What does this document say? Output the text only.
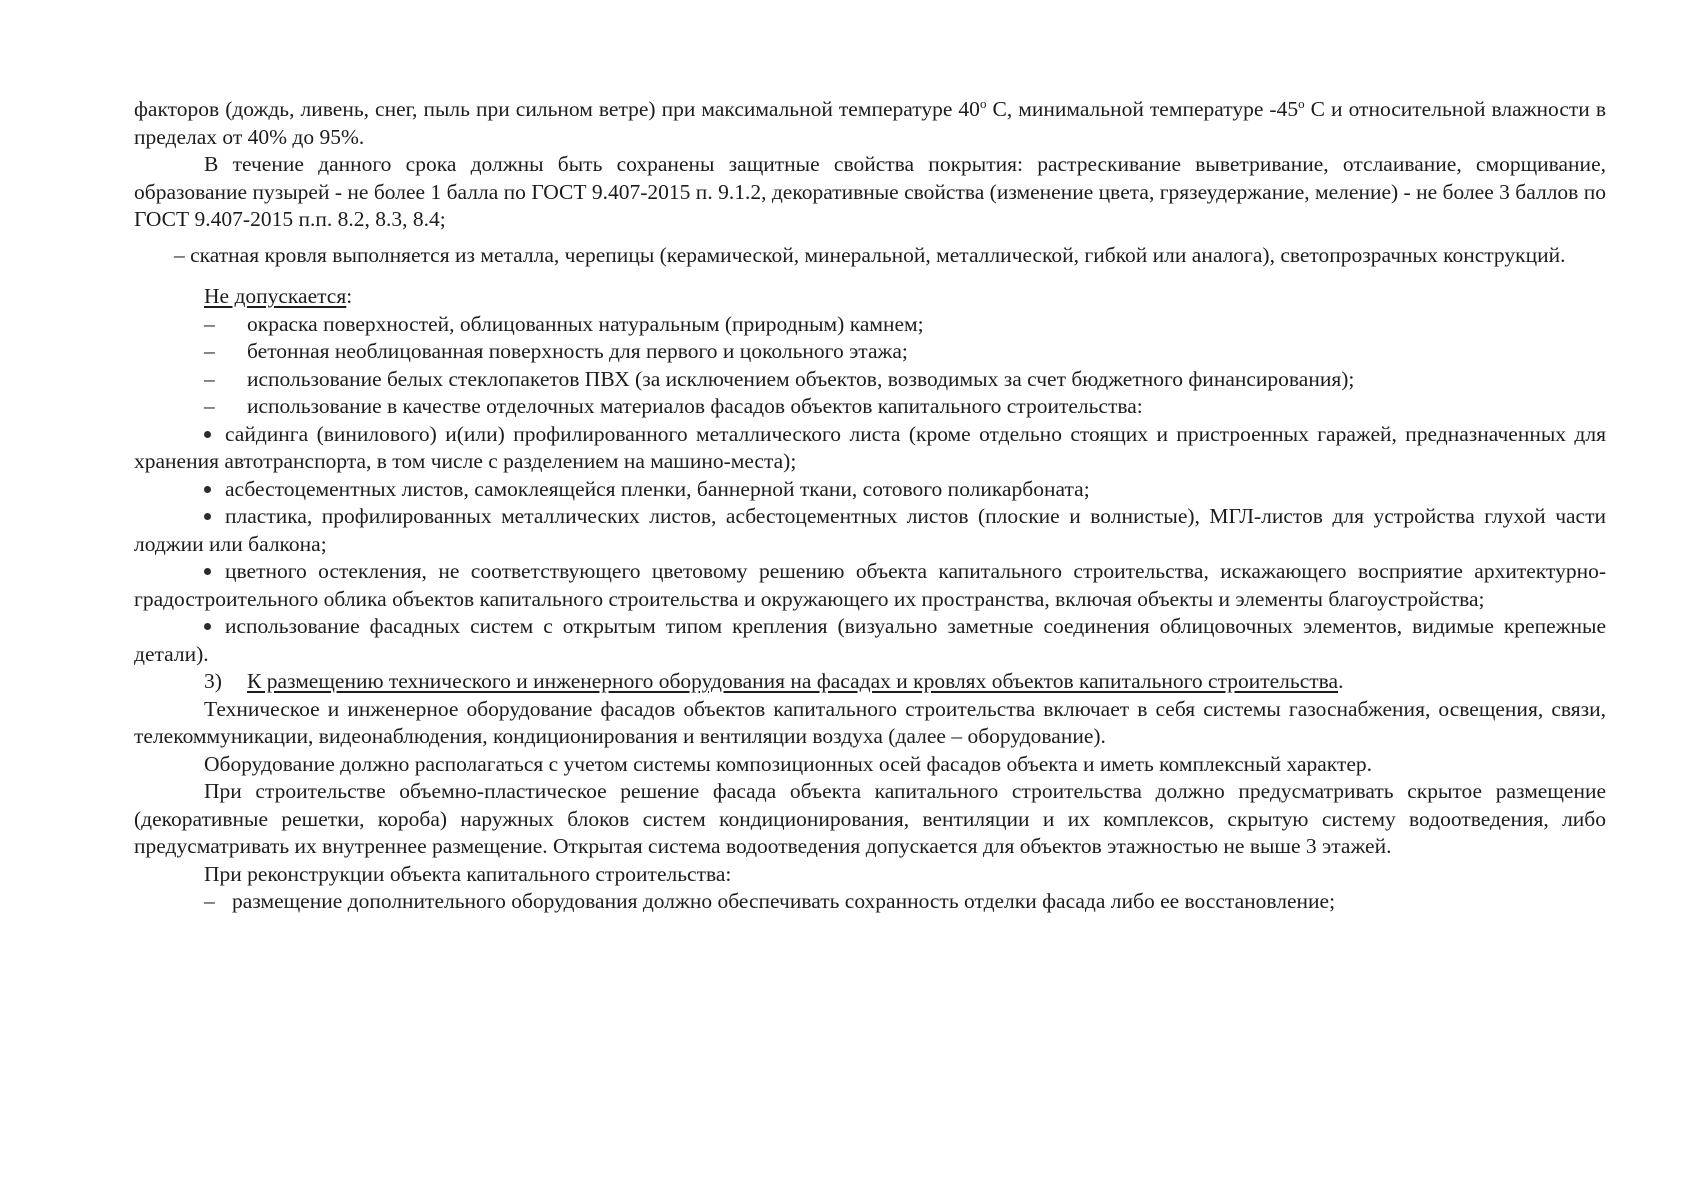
факторов (дождь, ливень, снег, пыль при сильном ветре) при максимальной температуре $40^о$ С, минимальной температуре $-45^о$ С и относительной влажности в пределах от 40% до 95%.

В течение данного срока должны быть сохранены защитные свойства покрытия: растрескивание выветривание, отслаивание, сморщивание, образование пузырей - не более 1 балла по ГОСТ 9.407-2015 п. 9.1.2, декоративные свойства (изменение цвета, грязеудержание, меление) - не более 3 баллов по ГОСТ 9.407-2015 п.п. 8.2, 8.3, 8.4;

– скатная кровля выполняется из металла, черепицы (керамической, минеральной, металлической, гибкой или аналога), светопрозрачных конструкций.

Не допускается:

– окраска поверхностей, облицованных натуральным (природным) камнем;

– бетонная необлицованная поверхность для первого и цокольного этажа;

– использование белых стеклопакетов ПВХ (за исключением объектов, возводимых за счет бюджетного финансирования);

– использование в качестве отделочных материалов фасадов объектов капитального строительства:

сайдинга (винилового) и(или) профилированного металлического листа (кроме отдельно стоящих и пристроенных гаражей, предназначенных для хранения автотранспорта, в том числе с разделением на машино-места);

асбестоцементных листов, самоклеящейся пленки, баннерной ткани, сотового поликарбоната;

пластика, профилированных металлических листов, асбестоцементных листов (плоские и волнистые), МГЛ-листов для устройства глухой части лоджии или балкона;

цветного остекления, не соответствующего цветовому решению объекта капитального строительства, искажающего восприятие архитектурно-градостроительного облика объектов капитального строительства и окружающего их пространства, включая объекты и элементы благоустройства;

использование фасадных систем с открытым типом крепления (визуально заметные соединения облицовочных элементов, видимые крепежные детали).

3) К размещению технического и инженерного оборудования на фасадах и кровлях объектов капитального строительства.

Техническое и инженерное оборудование фасадов объектов капитального строительства включает в себя системы газоснабжения, освещения, связи, телекоммуникации, видеонаблюдения, кондиционирования и вентиляции воздуха (далее – оборудование).

Оборудование должно располагаться с учетом системы композиционных осей фасадов объекта и иметь комплексный характер.

При строительстве объемно-пластическое решение фасада объекта капитального строительства должно предусматривать скрытое размещение (декоративные решетки, короба) наружных блоков систем кондиционирования, вентиляции и их комплексов, скрытую систему водоотведения, либо предусматривать их внутреннее размещение. Открытая система водоотведения допускается для объектов этажностью не выше 3 этажей.

При реконструкции объекта капитального строительства:

– размещение дополнительного оборудования должно обеспечивать сохранность отделки фасада либо ее восстановление;
